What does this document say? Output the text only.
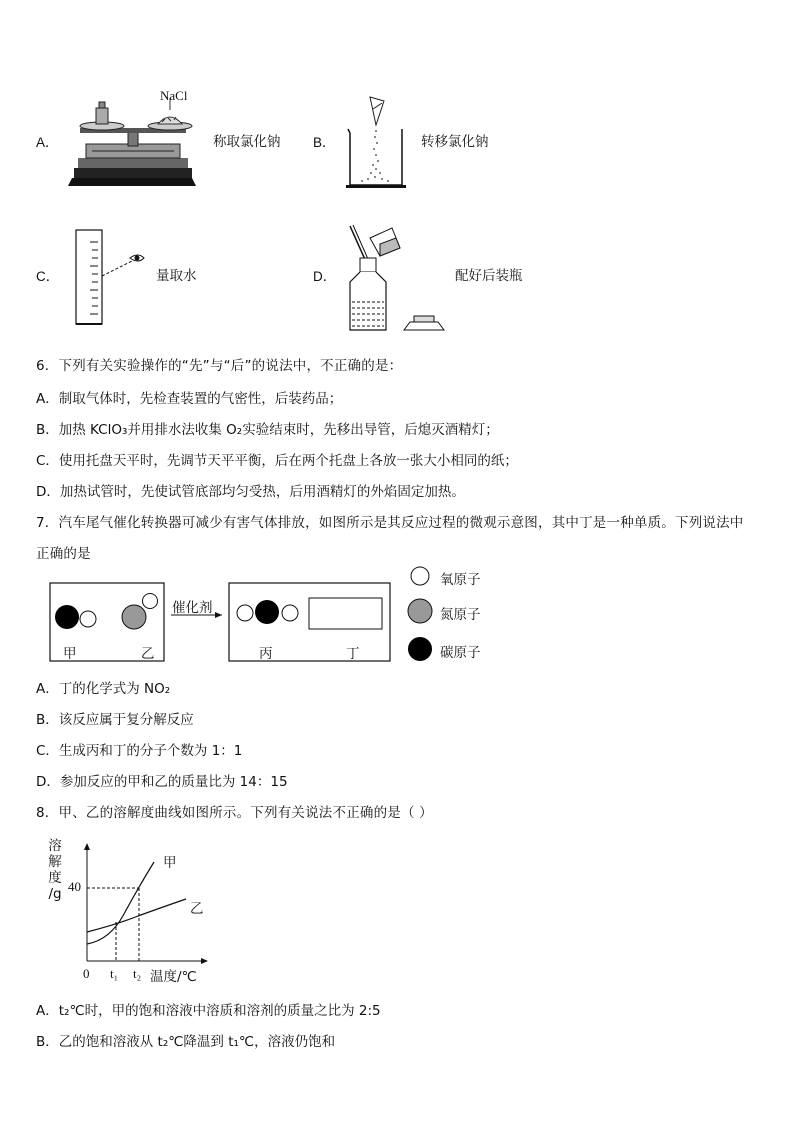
A．
NaCl
称取氯化钠 B．	转移氯化钠
C．	量取水	D．	配好后装瓶
6．下列有关实验操作的“先”与“后”的说法中，不正确的是：
A．制取气体时，先检查装置的气密性，后装药品；
B．加热 KClO₃并用排水法收集 O₂实验结束时，先移出导管，后熄灭酒精灯；
C．使用托盘天平时，先调节天平平衡，后在两个托盘上各放一张大小相同的纸；
D．加热试管时，先使试管底部均匀受热，后用酒精灯的外焰固定加热。
7．汽车尾气催化转换器可减少有害气体排放，如图所示是其反应过程的微观示意图，其中丁是一种单质。下列说法中
正确的是
催化剂
甲	乙	丙	丁
氧原子
氮原子
碳原子
A．丁的化学式为 NO₂
B．该反应属于复分解反应
C．生成丙和丁的分子个数为 1：1
D．参加反应的甲和乙的质量比为 14：15
8．甲、乙的溶解度曲线如图所示。下列有关说法不正确的是（ ）
溶
解
度
/g 40
0 t₁ t₂ 温度/℃
甲
乙
A．t₂℃时，甲的饱和溶液中溶质和溶剂的质量之比为 2:5
B．乙的饱和溶液从 t₂℃降温到 t₁℃，溶液仍饱和
